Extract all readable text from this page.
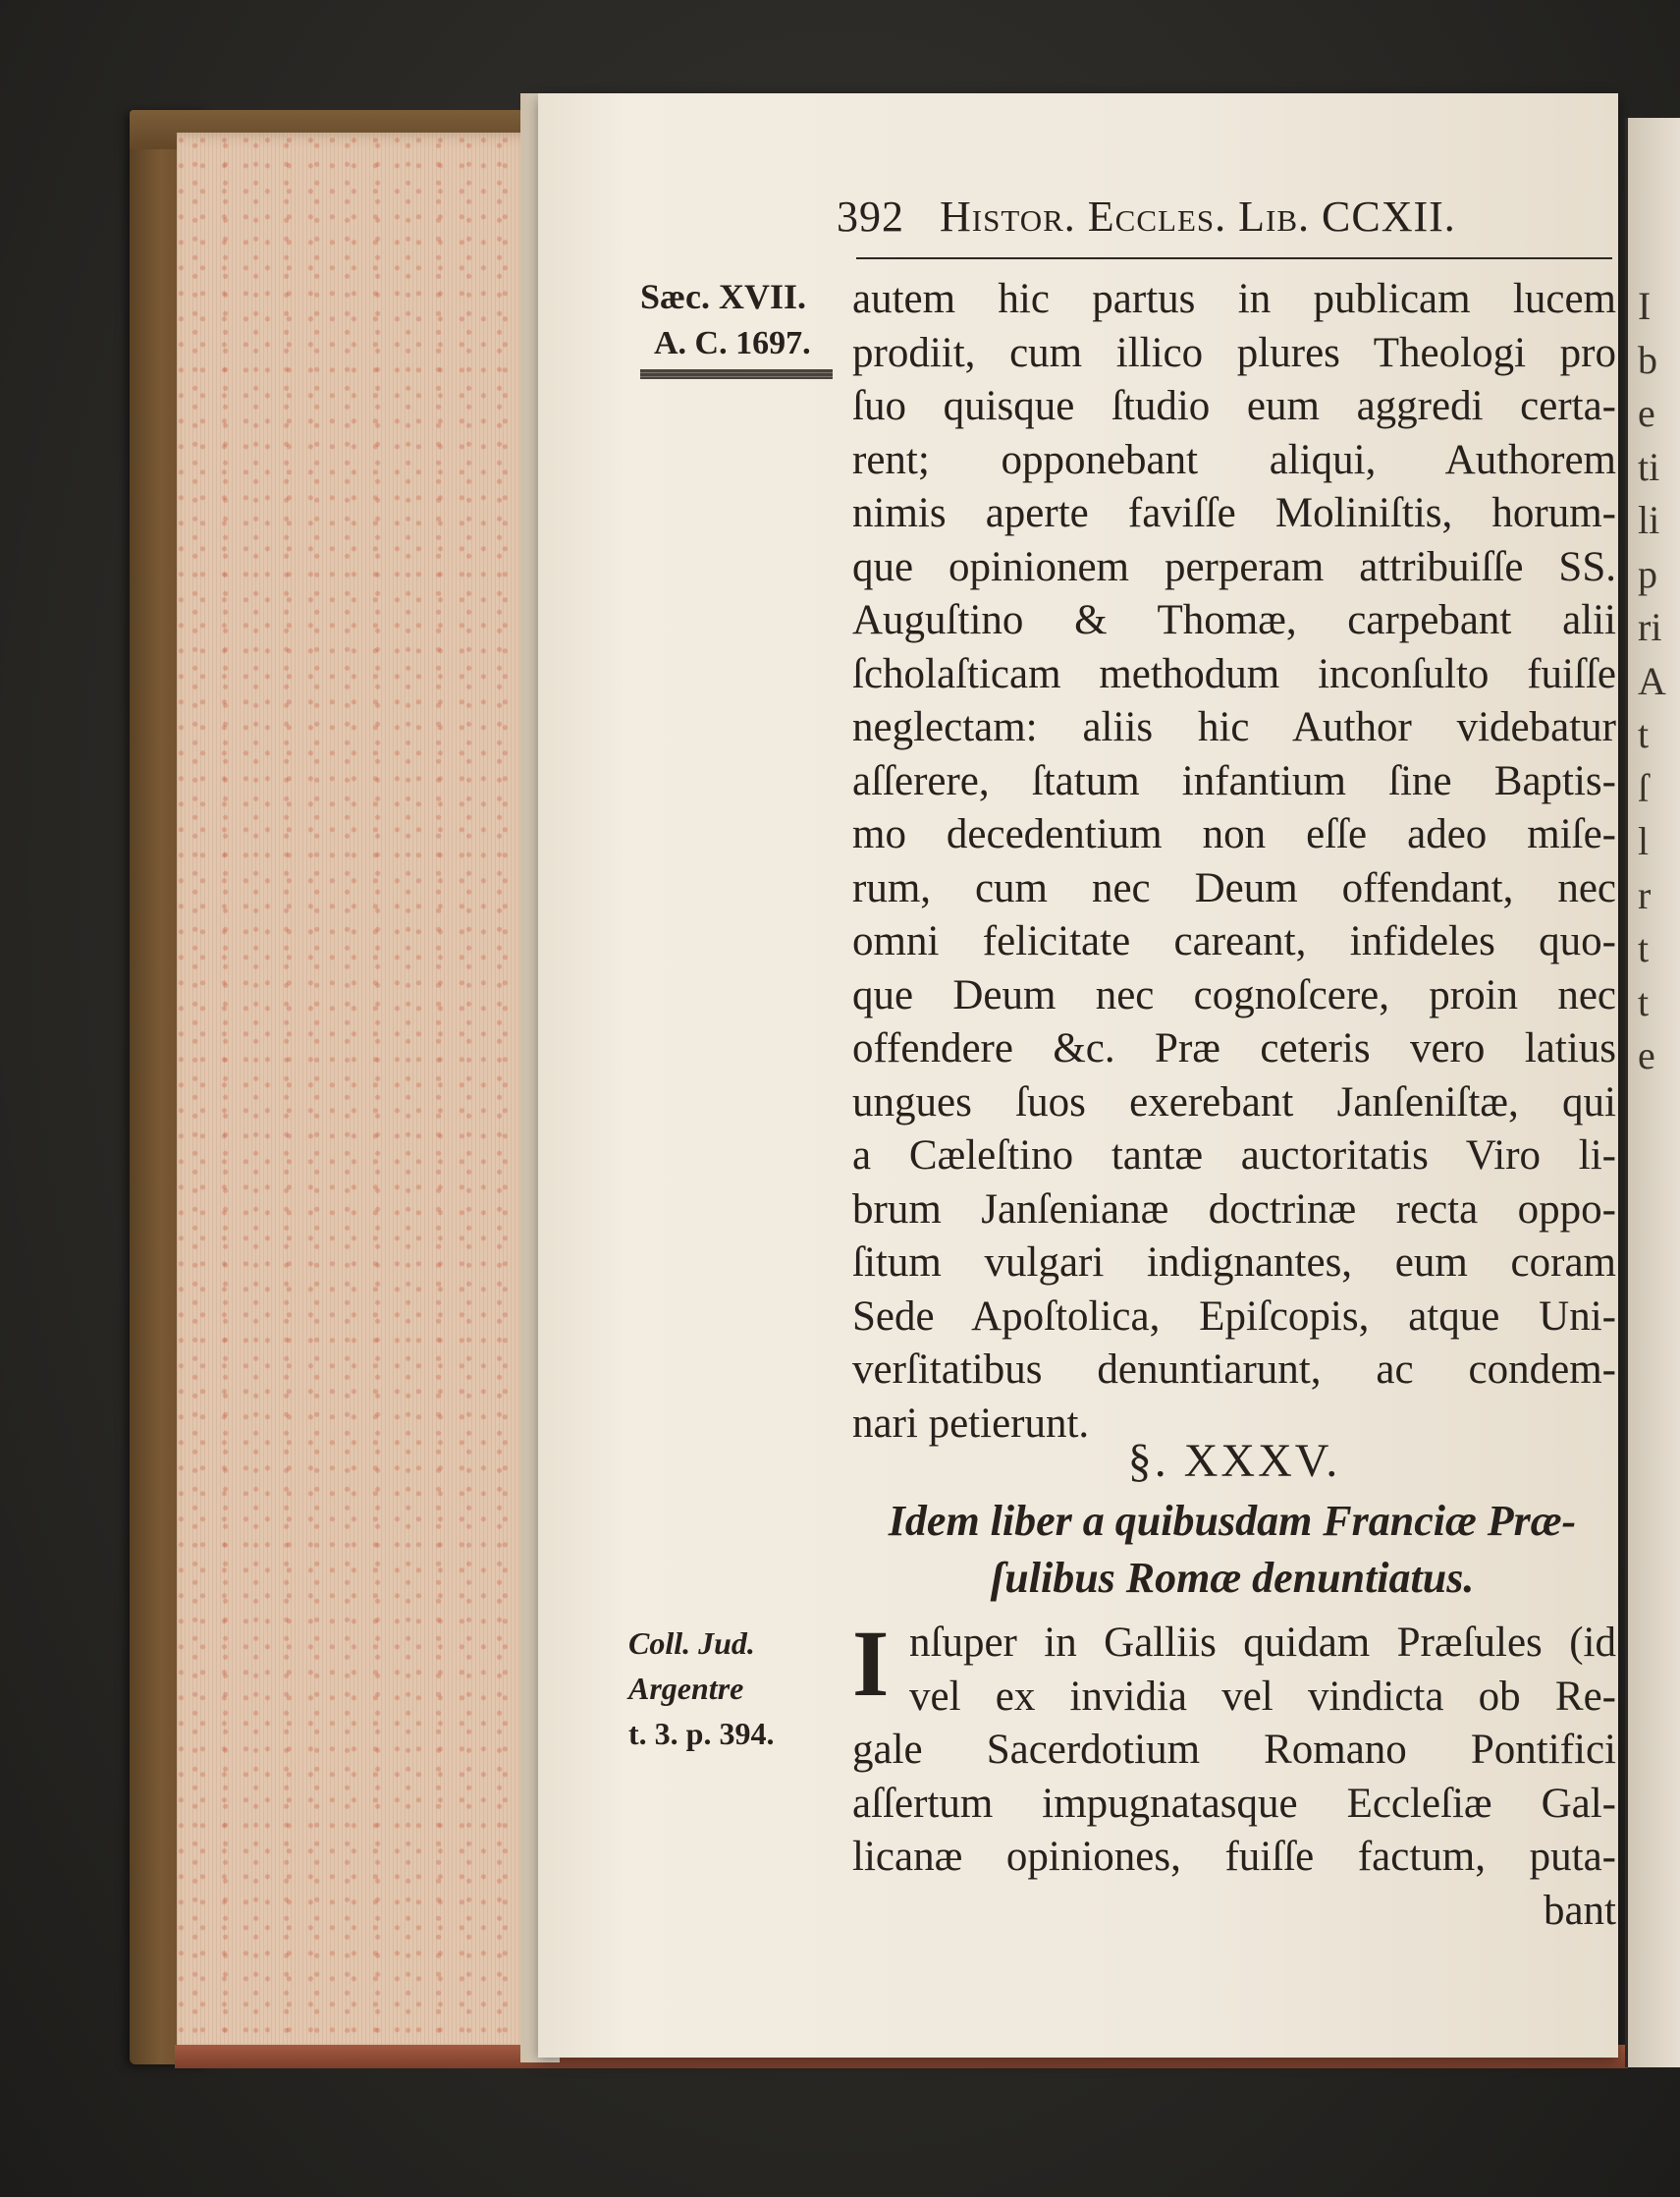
I
b
e
ti
li
p
ri
A
t
ſ
l
r
t
t
e
392 Histor. Eccles. Lib. CCXII.
Sæc. XVII.
A. C. 1697.
autem hic partus in publicam lucem
prodiit, cum illico plures Theologi pro
ſuo quisque ſtudio eum aggredi certa-
rent; opponebant aliqui, Authorem
nimis aperte faviſſe Moliniſtis, horum-
que opinionem perperam attribuiſſe SS.
Auguſtino & Thomæ, carpebant alii
ſcholaſticam methodum inconſulto fuiſſe
neglectam: aliis hic Author videbatur
aſſerere, ſtatum infantium ſine Baptis-
mo decedentium non eſſe adeo miſe-
rum, cum nec Deum offendant, nec
omni felicitate careant, infideles quo-
que Deum nec cognoſcere, proin nec
offendere &c. Præ ceteris vero latius
ungues ſuos exerebant Janſeniſtæ, qui
a Cæleſtino tantæ auctoritatis Viro li-
brum Janſenianæ doctrinæ recta oppo-
ſitum vulgari indignantes, eum coram
Sede Apoſtolica, Epiſcopis, atque Uni-
verſitatibus denuntiarunt, ac condem-
nari petierunt.
§. XXXV.
Idem liber a quibusdam Franciæ Præ-
ſulibus Romæ denuntiatus.
Coll. Jud.
Argentre
t. 3. p. 394.
I nſuper in Galliis quidam Præſules (id
vel ex invidia vel vindicta ob Re-
gale Sacerdotium Romano Pontifici
aſſertum impugnatasque Eccleſiæ Gal-
licanæ opiniones, fuiſſe factum, puta-
bant
